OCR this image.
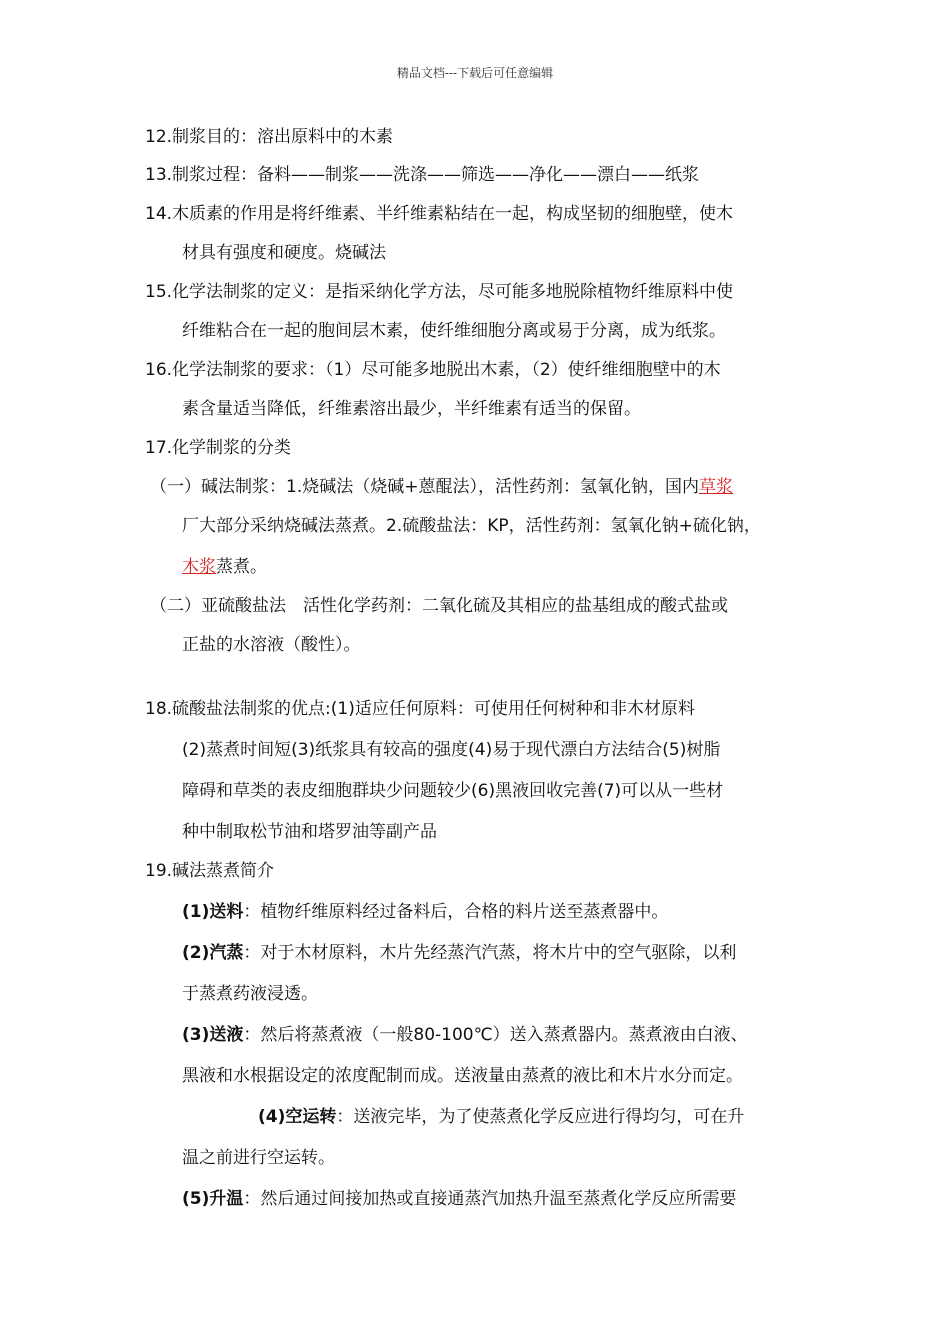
精品文档---下载后可任意编辑
12.制浆目的：溶出原料中的木素
13.制浆过程：备料——制浆——洗涤——筛选——净化——漂白——纸浆
14.木质素的作用是将纤维素、半纤维素粘结在一起，构成坚韧的细胞壁，使木
材具有强度和硬度。烧碱法
15.化学法制浆的定义：是指采纳化学方法，尽可能多地脱除植物纤维原料中使
纤维粘合在一起的胞间层木素，使纤维细胞分离或易于分离，成为纸浆。
16.化学法制浆的要求：（1）尽可能多地脱出木素，（2）使纤维细胞壁中的木
素含量适当降低，纤维素溶出最少，半纤维素有适当的保留。
17.化学制浆的分类
（一）碱法制浆：1.烧碱法（烧碱+蒽醌法），活性药剂：氢氧化钠，国内草浆
厂大部分采纳烧碱法蒸煮。2.硫酸盐法：KP，活性药剂：氢氧化钠+硫化钠，
木浆蒸煮。
（二）亚硫酸盐法　活性化学药剂：二氧化硫及其相应的盐基组成的酸式盐或
正盐的水溶液（酸性）。
18.硫酸盐法制浆的优点:(1)适应任何原料：可使用任何树种和非木材原料
(2)蒸煮时间短(3)纸浆具有较高的强度(4)易于现代漂白方法结合(5)树脂
障碍和草类的表皮细胞群块少问题较少(6)黑液回收完善(7)可以从一些材
种中制取松节油和塔罗油等副产品
19.碱法蒸煮简介
(1)送料：植物纤维原料经过备料后，合格的料片送至蒸煮器中。
(2)汽蒸：对于木材原料，木片先经蒸汽汽蒸，将木片中的空气驱除，以利
于蒸煮药液浸透。
(3)送液：然后将蒸煮液（一般80-100℃）送入蒸煮器内。蒸煮液由白液、
黑液和水根据设定的浓度配制而成。送液量由蒸煮的液比和木片水分而定。
(4)空运转：送液完毕，为了使蒸煮化学反应进行得均匀，可在升
温之前进行空运转。
(5)升温：然后通过间接加热或直接通蒸汽加热升温至蒸煮化学反应所需要
